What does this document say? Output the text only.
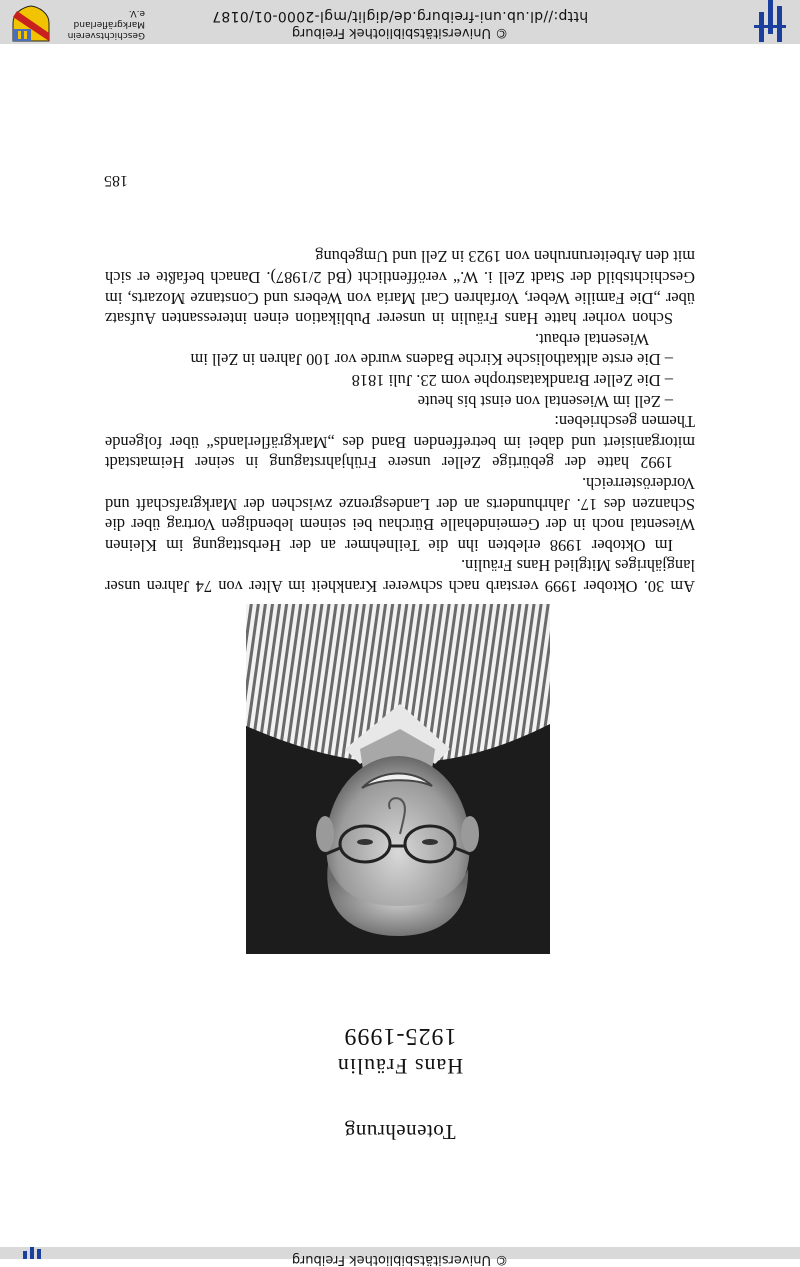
© Universitätsbibliothek Freiburg
Totenehrung
Hans Fräulin
1925-1999

Am 30. Oktober 1999 verstarb nach schwerer Krankheit im Alter von 74 Jahren unser langjähriges Mitglied Hans Fräulin.

Im Oktober 1998 erlebten ihn die Teilnehmer an der Herbsttagung im Kleinen Wiesental noch in der Gemeindehalle Bürchau bei seinem lebendigen Vortrag über die Schanzen des 17. Jahrhunderts an der Landesgrenze zwischen der Markgrafschaft und Vorderösterreich.

1992 hatte der gebürtige Zeller unsere Frühjahrstagung in seiner Heimatstadt mitorganisiert und dabei im betreffenden Band des „Markgräflerlands“ über folgende Themen geschrieben:

– Zell im Wiesental von einst bis heute

– Die Zeller Brandkatastrophe vom 23. Juli 1818

– Die erste altkatholische Kirche Badens wurde vor 100 Jahren in Zell im

Wiesental erbaut.

Schon vorher hatte Hans Fräulin in unserer Publikation einen interessanten Aufsatz über „Die Familie Weber, Vorfahren Carl Maria von Webers und Constanze Mozarts, im Geschichtsbild der Stadt Zell i. W.“ veröffentlicht (Bd 2/1987). Danach befaßte er sich mit den Arbeiterunruhen von 1923 in Zell und Umgebung

185
© Universitätsbibliothek Freiburg
http://dl.ub.uni-freiburg.de/diglit/mgl-2000-01/0187
Geschichtsverein
Markgräflerland e.V.
